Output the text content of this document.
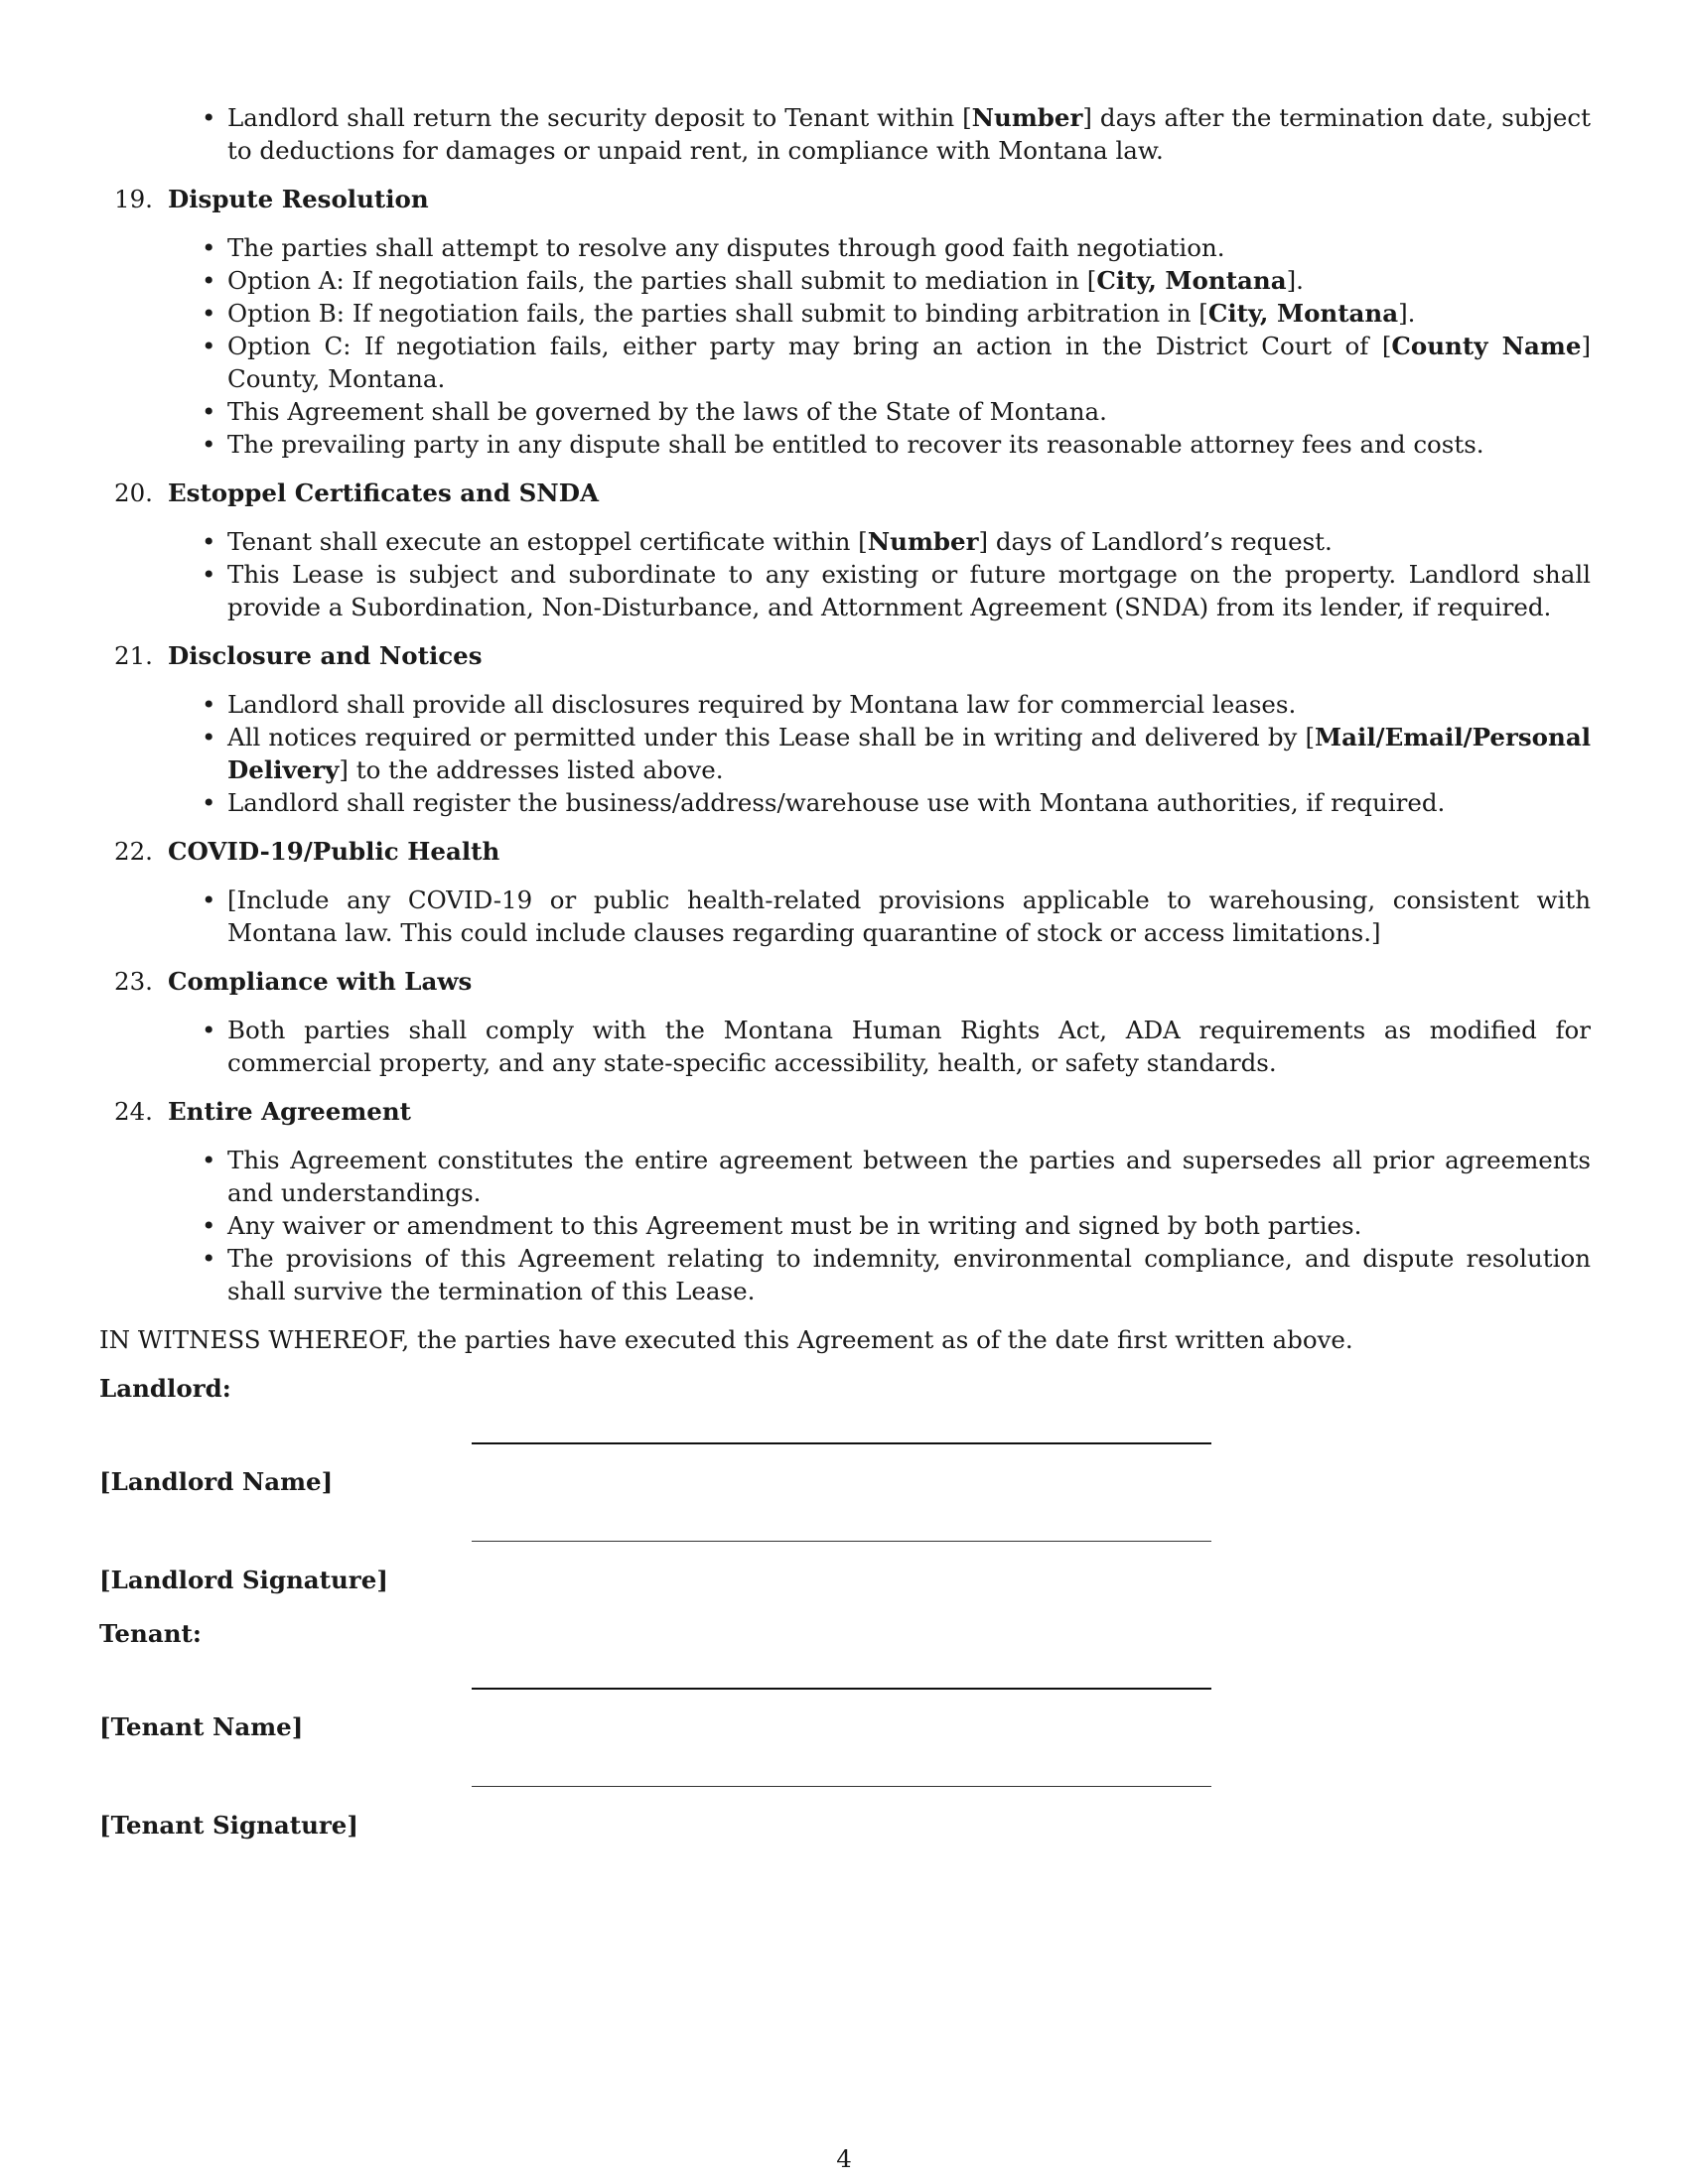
• Landlord shall return the security deposit to Tenant within [Number] days after the termination date, subject to deductions for damages or unpaid rent, in compliance with Montana law.
19. Dispute Resolution
• The parties shall attempt to resolve any disputes through good faith negotiation.
• Option A: If negotiation fails, the parties shall submit to mediation in [City, Montana].
• Option B: If negotiation fails, the parties shall submit to binding arbitration in [City, Montana].
• Option C: If negotiation fails, either party may bring an action in the District Court of [County Name] County, Montana.
• This Agreement shall be governed by the laws of the State of Montana.
• The prevailing party in any dispute shall be entitled to recover its reasonable attorney fees and costs.
20. Estoppel Certificates and SNDA
• Tenant shall execute an estoppel certificate within [Number] days of Landlord’s request.
• This Lease is subject and subordinate to any existing or future mortgage on the property. Landlord shall provide a Subordination, Non-Disturbance, and Attornment Agreement (SNDA) from its lender, if required.
21. Disclosure and Notices
• Landlord shall provide all disclosures required by Montana law for commercial leases.
• All notices required or permitted under this Lease shall be in writing and delivered by [Mail/Email/Personal Delivery] to the addresses listed above.
• Landlord shall register the business/address/warehouse use with Montana authorities, if required.
22. COVID-19/Public Health
• [Include any COVID-19 or public health-related provisions applicable to warehousing, consistent with Montana law. This could include clauses regarding quarantine of stock or access limitations.]
23. Compliance with Laws
• Both parties shall comply with the Montana Human Rights Act, ADA requirements as modified for commercial property, and any state-specific accessibility, health, or safety standards.
24. Entire Agreement
• This Agreement constitutes the entire agreement between the parties and supersedes all prior agreements and understandings.
• Any waiver or amendment to this Agreement must be in writing and signed by both parties.
• The provisions of this Agreement relating to indemnity, environmental compliance, and dispute resolution shall survive the termination of this Lease.
IN WITNESS WHEREOF, the parties have executed this Agreement as of the date first written above.
Landlord:
[Landlord Name]
[Landlord Signature]
Tenant:
[Tenant Name]
[Tenant Signature]
4
